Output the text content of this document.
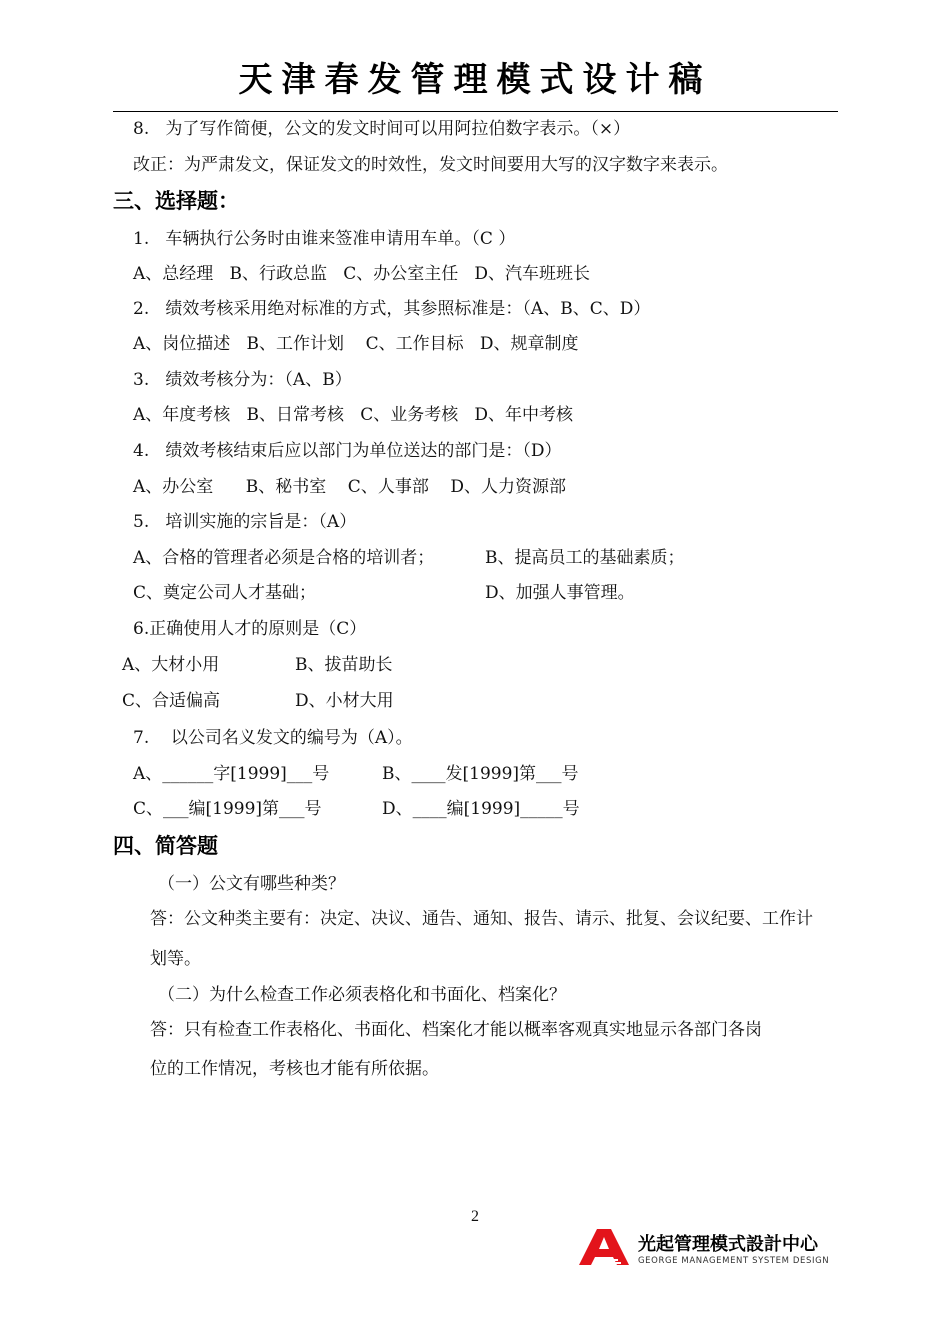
天津春发管理模式设计稿
8.   为了写作简便，公文的发文时间可以用阿拉伯数字表示。（×）
改正：为严肃发文，保证发文的时效性，发文时间要用大写的汉字数字来表示。
三、选择题：
1.   车辆执行公务时由谁来签准申请用车单。（C ）
A、总经理   B、行政总监   C、办公室主任   D、汽车班班长
2.   绩效考核采用绝对标准的方式，其参照标准是：（A、B、C、D）
A、岗位描述   B、工作计划    C、工作目标   D、规章制度
3.   绩效考核分为：（A、B）
A、年度考核   B、日常考核   C、业务考核   D、年中考核
4.   绩效考核结束后应以部门为单位送达的部门是：（D）
A、办公室      B、秘书室    C、人事部    D、人力资源部
5.   培训实施的宗旨是：（A）
A、合格的管理者必须是合格的培训者；	B、提高员工的基础素质；
C、奠定公司人才基础；	D、加强人事管理。
6.正确使用人才的原则是（C）
A、大材小用	B、拔苗助长
C、合适偏高	D、小材大用
7.    以公司名义发文的编号为（A）。
A、______字[1999]___号	B、____发[1999]第___号
C、___编[1999]第___号	D、____编[1999]_____号
四、简答题
（一）公文有哪些种类？
答：公文种类主要有：决定、决议、通告、通知、报告、请示、批复、会议纪要、工作计
划等。
（二）为什么检查工作必须表格化和书面化、档案化？
答：只有检查工作表格化、书面化、档案化才能以概率客观真实地显示各部门各岗
位的工作情况，考核也才能有所依据。
2
光起管理模式設計中心
GEORGE MANAGEMENT SYSTEM DESIGN
